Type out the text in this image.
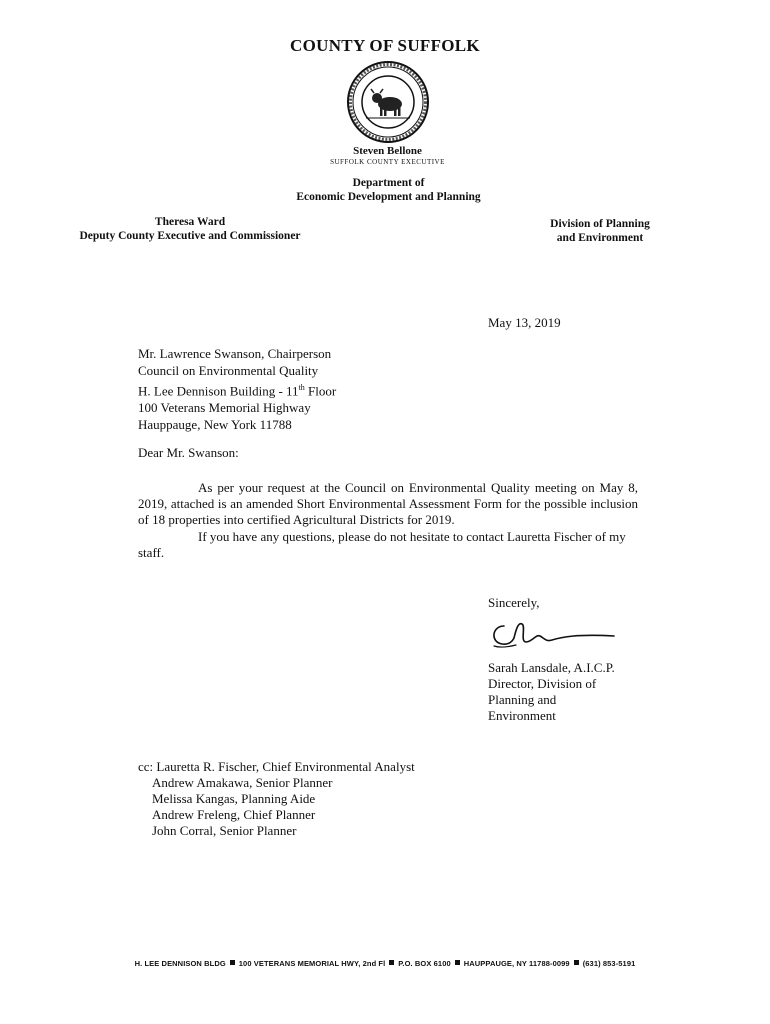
COUNTY OF SUFFOLK
Steven Bellone
SUFFOLK COUNTY EXECUTIVE
Department of
Economic Development and Planning
Theresa Ward
Deputy County Executive and Commissioner
Division of Planning
and Environment
May 13, 2019
Mr. Lawrence Swanson, Chairperson
Council on Environmental Quality
H. Lee Dennison Building - 11th Floor
100 Veterans Memorial Highway
Hauppauge, New York 11788
Dear Mr. Swanson:
As per your request at the Council on Environmental Quality meeting on May 8, 2019, attached is an amended Short Environmental Assessment Form for the possible inclusion of 18 properties into certified Agricultural Districts for 2019.
If you have any questions, please do not hesitate to contact Lauretta Fischer of my staff.
Sincerely,
Sarah Lansdale, A.I.C.P.
Director, Division of
Planning and
Environment
cc: Lauretta R. Fischer, Chief Environmental Analyst
Andrew Amakawa, Senior Planner
Melissa Kangas, Planning Aide
Andrew Freleng, Chief Planner
John Corral, Senior Planner
H. LEE DENNISON BLDG 100 VETERANS MEMORIAL HWY, 2nd Fl P.O. BOX 6100 HAUPPAUGE, NY 11788-0099 (631) 853-5191
